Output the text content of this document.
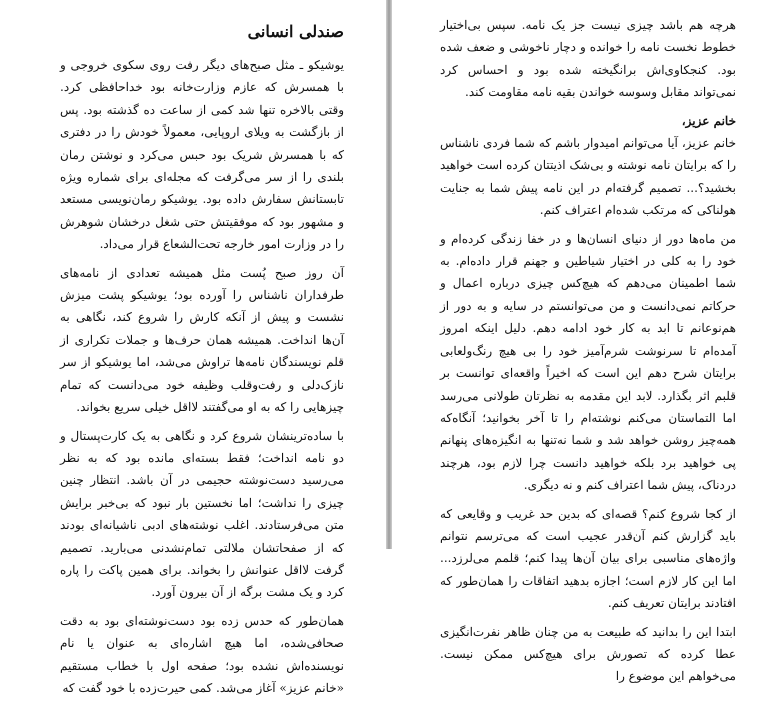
صندلی انسانی

یوشیکو ـ مثل صبح‌های دیگر رفت روی سکوی خروجی و با همسرش که عازم وزارت‌خانه بود خداحافظی کرد. وقتی بالاخره تنها شد کمی از ساعت ده گذشته بود. پس از بازگشت به ویلای اروپایی، معمولاً خودش را در دفتری که با همسرش شریک بود حبس می‌کرد و نوشتن رمان بلندی را از سر می‌گرفت که مجله‌ای برای شماره ویژه تابستانش سفارش داده بود. یوشیکو رمان‌نویسی مستعد و مشهور بود که موفقیتش حتی شغل درخشان شوهرش را در وزارت امور خارجه تحت‌الشعاع قرار می‌داد.

آن روز صبح پُست مثل همیشه تعدادی از نامه‌های طرفداران ناشناس را آورده بود؛ یوشیکو پشت میزش نشست و پیش از آنکه کارش را شروع کند، نگاهی به آن‌ها انداخت. همیشه همان حرف‌ها و جملات تکراری از قلم نویسندگان نامه‌ها تراوش می‌شد، اما یوشیکو از سر نازک‌دلی و رفت‌وقلب وظیفه خود می‌دانست که تمام چیزهایی را که به او می‌گفتند لااقل خیلی سریع بخواند.

با ساده‌ترینشان شروع کرد و نگاهی به یک کارت‌پستال و دو نامه انداخت؛ فقط بسته‌ای مانده بود که به نظر می‌رسید دست‌نوشته حجیمی در آن باشد. انتظار چنین چیزی را نداشت؛ اما نخستین بار نبود که بی‌خبر برایش متن می‌فرستادند. اغلب نوشته‌های ادبی ناشیانه‌ای بودند که از صفحاتشان ملالتی تمام‌نشدنی می‌بارید. تصمیم گرفت لااقل عنوانش را بخواند. برای همین پاکت را پاره کرد و یک مشت برگه از آن بیرون آورد.

همان‌طور که حدس زده بود دست‌نوشته‌ای بود به دقت صحافی‌شده، اما هیچ اشاره‌ای به عنوان یا نام نویسنده‌اش نشده بود؛ صفحه اول با خطاب مستقیم «خانم عزیز» آغاز می‌شد. کمی حیرت‌زده با خود گفت که

هرچه هم باشد چیزی نیست جز یک نامه. سپس بی‌اختیار خطوط نخست نامه را خوانده و دچار ناخوشی و ضعف شده بود. کنجکاوی‌اش برانگیخته شده بود و احساس کرد نمی‌تواند مقابل وسوسه خواندن بقیه نامه مقاومت کند.

خانم عزیز،

خانم عزیز، آیا می‌توانم امیدوار باشم که شما فردی ناشناس را که برایتان نامه نوشته و بی‌شک اذیتتان کرده است خواهید بخشید؟... تصمیم گرفته‌ام در این نامه پیش شما به جنایت هولناکی که مرتکب شده‌ام اعتراف کنم.

من ماه‌ها دور از دنیای انسان‌ها و در خفا زندگی کرده‌ام و خود را به کلی در اختیار شیاطین و جهنم قرار داده‌ام. به شما اطمینان می‌دهم که هیچ‌کس چیزی درباره اعمال و حرکاتم نمی‌دانست و من می‌توانستم در سایه و به دور از هم‌نوعانم تا ابد به کار خود ادامه دهم. دلیل اینکه امروز آمده‌ام تا سرنوشت شرم‌آمیز خود را بی هیچ رنگ‌ولعابی برایتان شرح دهم این است که اخیراً واقعه‌ای توانست بر قلبم اثر بگذارد. لابد این مقدمه به نظرتان طولانی می‌رسد اما التماستان می‌کنم نوشته‌ام را تا آخر بخوانید؛ آنگاه‌که همه‌چیز روشن خواهد شد و شما نه‌تنها به انگیزه‌های پنهانم پی خواهید برد بلکه خواهید دانست چرا لازم بود، هرچند دردناک، پیش شما اعتراف کنم و نه دیگری.

از کجا شروع کنم؟ قصه‌ای که بدین حد غریب و وقایعی که باید گزارش کنم آن‌قدر عجیب است که می‌ترسم نتوانم واژه‌های مناسبی برای بیان آن‌ها پیدا کنم؛ قلمم می‌لرزد... اما این کار لازم است؛ اجازه بدهید اتفاقات را همان‌طور که افتادند برایتان تعریف کنم.

ابتدا این را بدانید که طبیعت به من چنان ظاهر نفرت‌انگیزی عطا کرده که تصورش برای هیچ‌کس ممکن نیست. می‌خواهم این موضوع را
